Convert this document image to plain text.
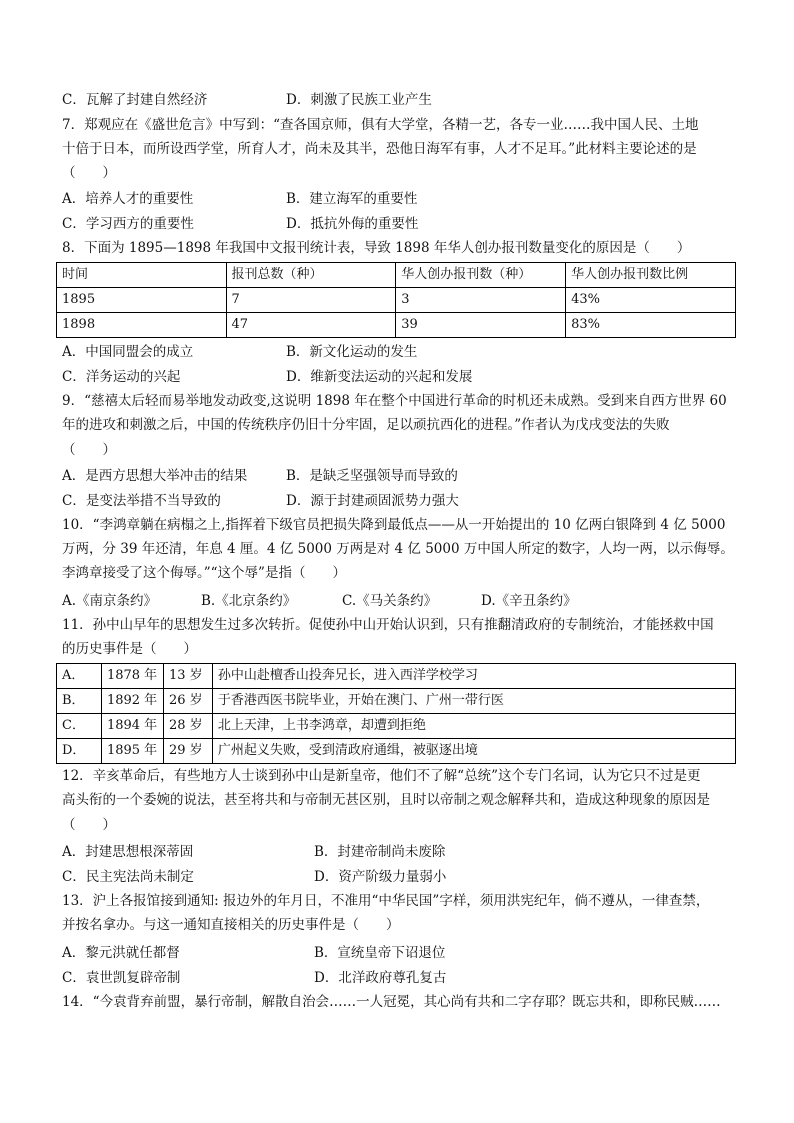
C．瓦解了封建自然经济	D．刺激了民族工业产生
7．郑观应在《盛世危言》中写到：“查各国京师，俱有大学堂，各精一艺，各专一业……我中国人民、土地
十倍于日本，而所设西学堂，所育人才，尚未及其半，恐他日海军有事，人才不足耳。”此材料主要论述的是
（　　）
A．培养人才的重要性	B．建立海军的重要性
C．学习西方的重要性	D．抵抗外侮的重要性
8．下面为 1895—1898 年我国中文报刊统计表，导致 1898 年华人创办报刊数量变化的原因是（　　）
时间	报刊总数（种）	华人创办报刊数（种）	华人创办报刊数比例
1895	7	3	43%
1898	47	39	83%
A．中国同盟会的成立	B．新文化运动的发生
C．洋务运动的兴起	D．维新变法运动的兴起和发展
9．“慈禧太后轻而易举地发动政变,这说明 1898 年在整个中国进行革命的时机还未成熟。受到来自西方世界 60
年的进攻和刺激之后，中国的传统秩序仍旧十分牢固，足以顽抗西化的进程。”作者认为戊戌变法的失败
（　　）
A．是西方思想大举冲击的结果	B．是缺乏坚强领导而导致的
C．是变法举措不当导致的	D．源于封建顽固派势力强大
10．“李鸿章躺在病榻之上,指挥着下级官员把损失降到最低点——从一开始提出的 10 亿两白银降到 4 亿 5000
万两，分 39 年还清，年息 4 厘。4 亿 5000 万两是对 4 亿 5000 万中国人所定的数字，人均一两，以示侮辱。
李鸿章接受了这个侮辱。”“这个辱”是指（　　）
A.《南京条约》	B.《北京条约》	C.《马关条约》	D.《辛丑条约》
11．孙中山早年的思想发生过多次转折。促使孙中山开始认识到，只有推翻清政府的专制统治，才能拯救中国
的历史事件是（　　）
A．	1878 年	13 岁	孙中山赴檀香山投奔兄长，进入西洋学校学习
B．	1892 年	26 岁	于香港西医书院毕业，开始在澳门、广州一带行医
C．	1894 年	28 岁	北上天津，上书李鸿章，却遭到拒绝
D．	1895 年	29 岁	广州起义失败，受到清政府通缉，被驱逐出境
12．辛亥革命后，有些地方人士谈到孙中山是新皇帝，他们不了解“总统”这个专门名词，认为它只不过是更
高头衔的一个委婉的说法，甚至将共和与帝制无甚区别，且时以帝制之观念解释共和，造成这种现象的原因是
（　　）
A．封建思想根深蒂固	B．封建帝制尚未废除
C．民主宪法尚未制定	D．资产阶级力量弱小
13．沪上各报馆接到通知: 报边外的年月日，不准用“中华民国”字样，须用洪宪纪年，倘不遵从，一律查禁，
并按名拿办。与这一通知直接相关的历史事件是（　　）
A．黎元洪就任都督	B．宣统皇帝下诏退位
C．袁世凯复辟帝制	D．北洋政府尊孔复古
14．“今袁背弃前盟，暴行帝制，解散自治会……一人冠冕，其心尚有共和二字存耶？既忘共和，即称民贼……
